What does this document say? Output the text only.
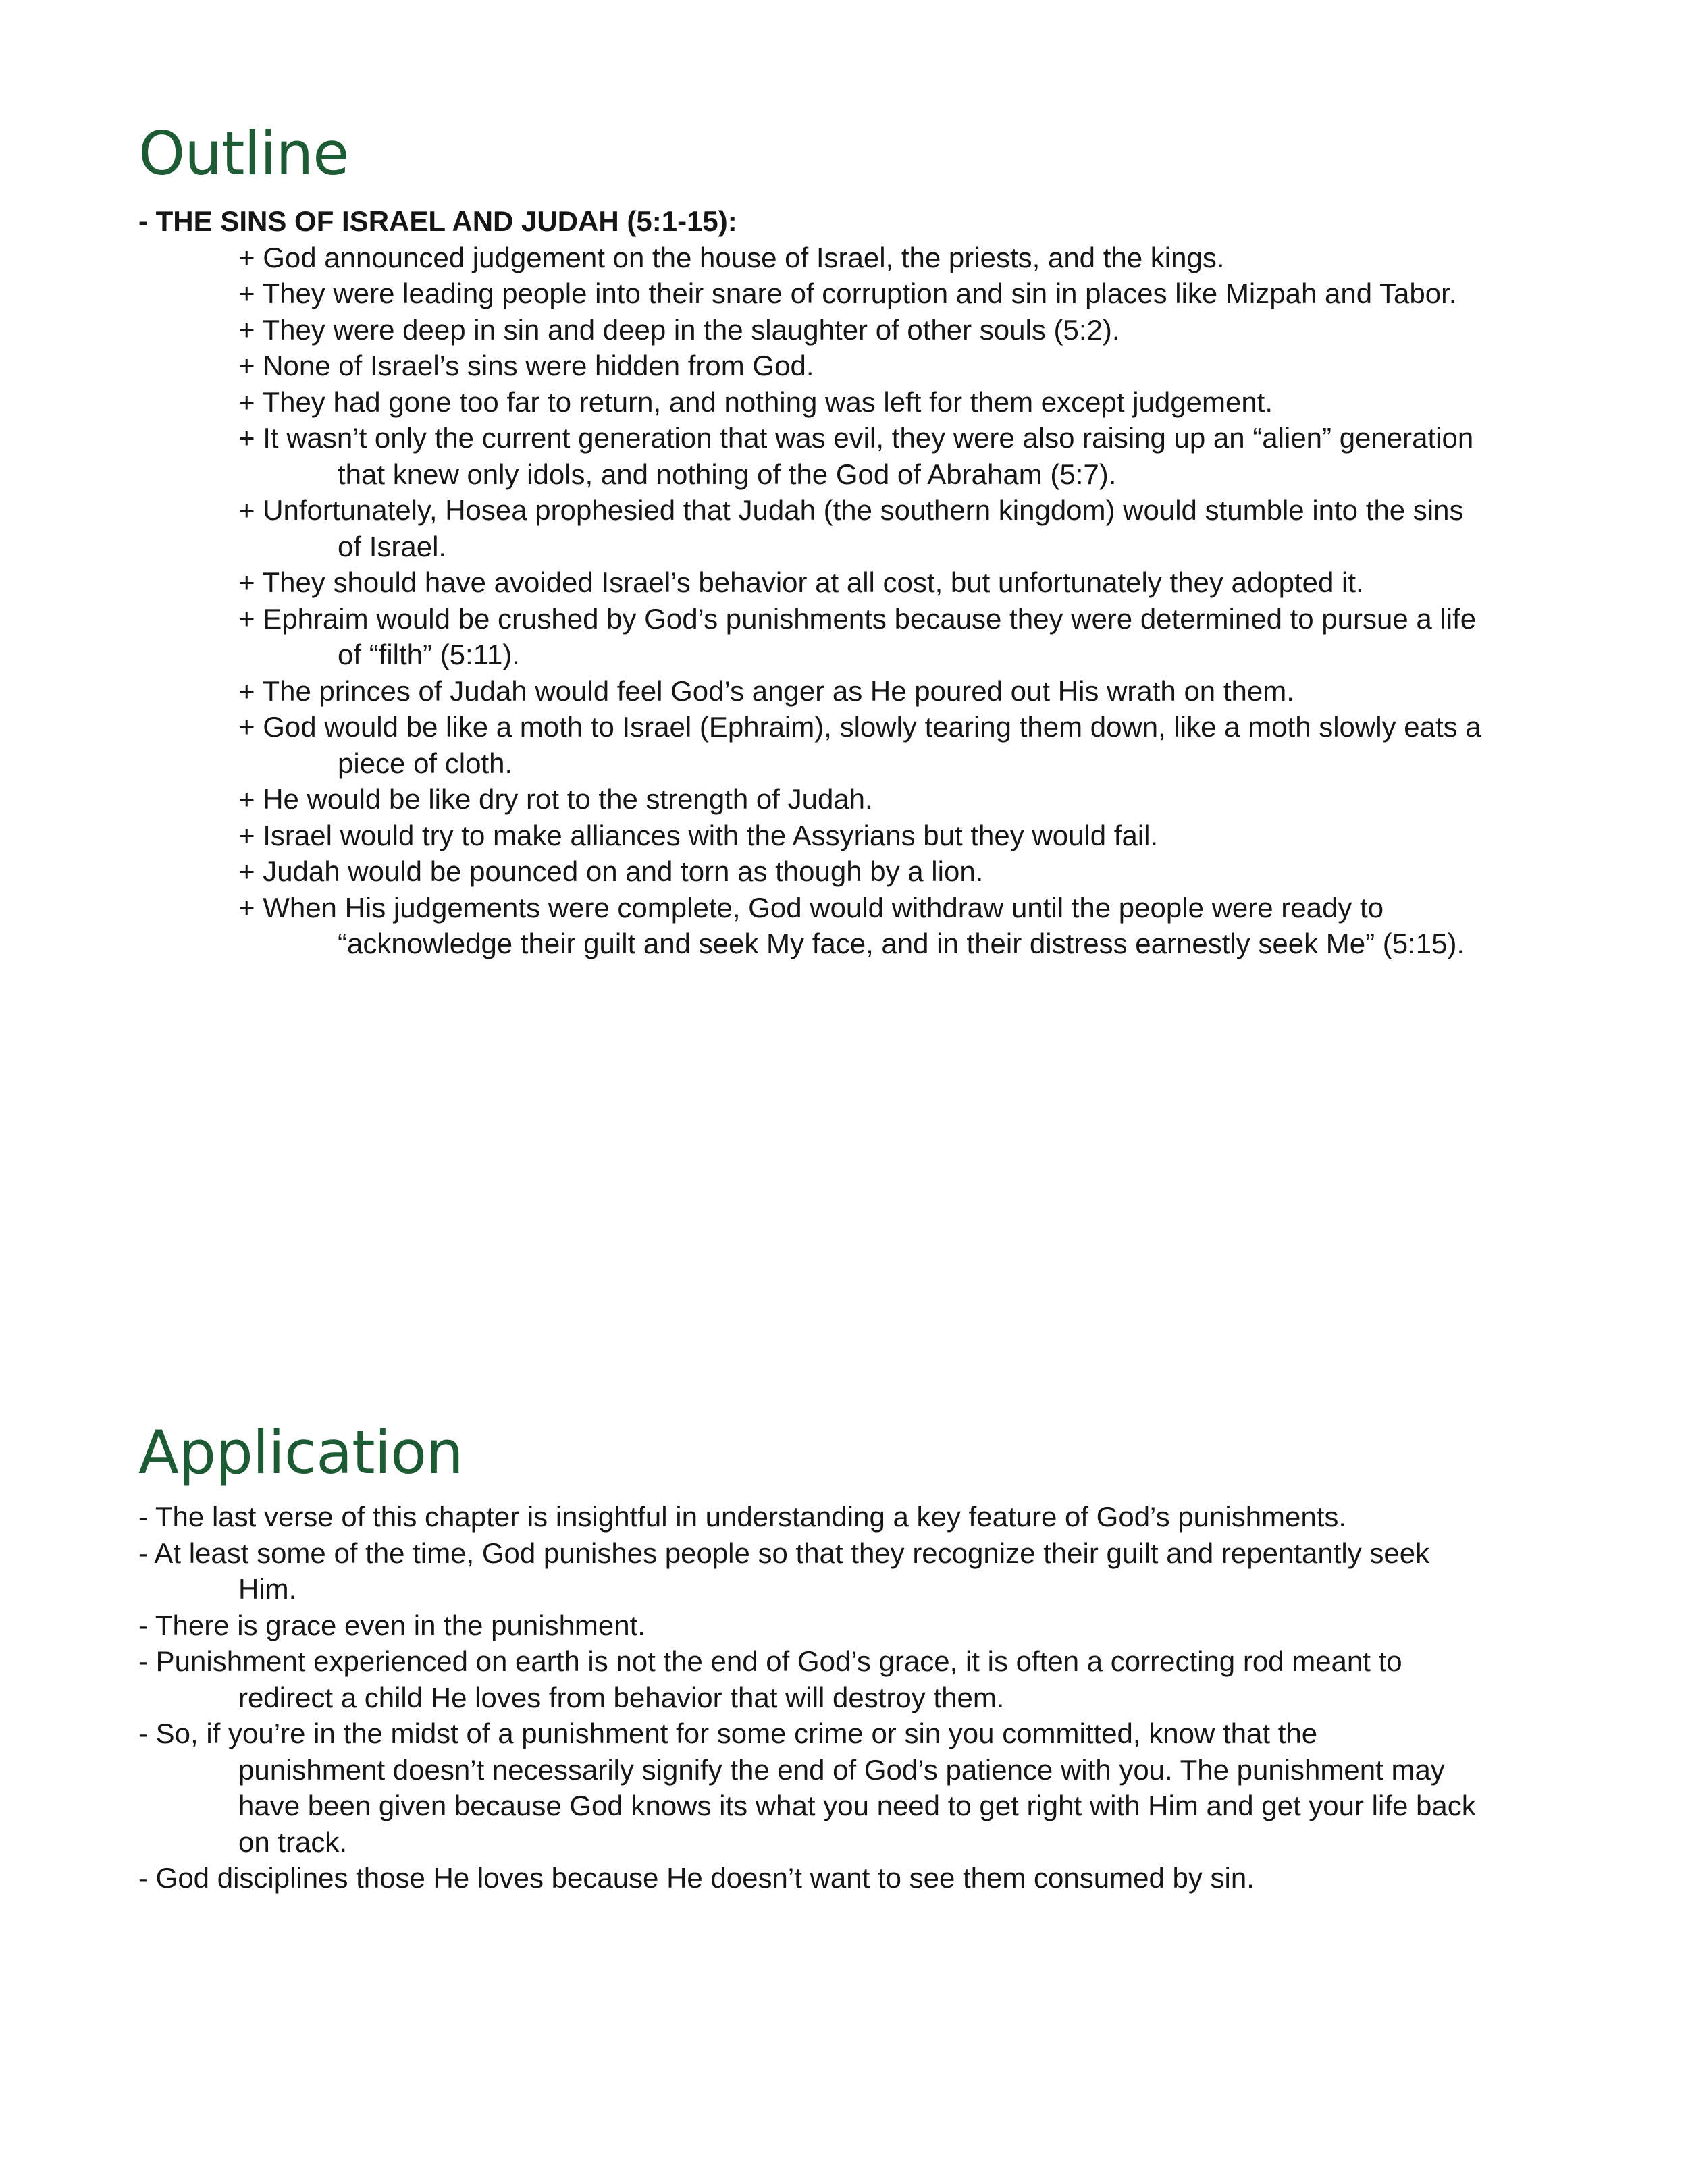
Outline

- THE SINS OF ISRAEL AND JUDAH (5:1-15):

+ God announced judgement on the house of Israel, the priests, and the kings.
+ They were leading people into their snare of corruption and sin in places like Mizpah and Tabor.
+ They were deep in sin and deep in the slaughter of other souls (5:2).
+ None of Israel’s sins were hidden from God.
+ They had gone too far to return, and nothing was left for them except judgement.
+ It wasn’t only the current generation that was evil, they were also raising up an “alien” generation
that knew only idols, and nothing of the God of Abraham (5:7).
+ Unfortunately, Hosea prophesied that Judah (the southern kingdom) would stumble into the sins
of Israel.
+ They should have avoided Israel’s behavior at all cost, but unfortunately they adopted it.
+ Ephraim would be crushed by God’s punishments because they were determined to pursue a life
of “filth” (5:11).
+ The princes of Judah would feel God’s anger as He poured out His wrath on them.
+ God would be like a moth to Israel (Ephraim), slowly tearing them down, like a moth slowly eats a
piece of cloth.
+ He would be like dry rot to the strength of Judah.
+ Israel would try to make alliances with the Assyrians but they would fail.
+ Judah would be pounced on and torn as though by a lion.
+ When His judgements were complete, God would withdraw until the people were ready to
“acknowledge their guilt and seek My face, and in their distress earnestly seek Me” (5:15).
Application
- The last verse of this chapter is insightful in understanding a key feature of God’s punishments.
- At least some of the time, God punishes people so that they recognize their guilt and repentantly seek
Him.
- There is grace even in the punishment.
- Punishment experienced on earth is not the end of God’s grace, it is often a correcting rod meant to
redirect a child He loves from behavior that will destroy them.
- So, if you’re in the midst of a punishment for some crime or sin you committed, know that the
punishment doesn’t necessarily signify the end of God’s patience with you. The punishment may
have been given because God knows its what you need to get right with Him and get your life back
on track.
- God disciplines those He loves because He doesn’t want to see them consumed by sin.
